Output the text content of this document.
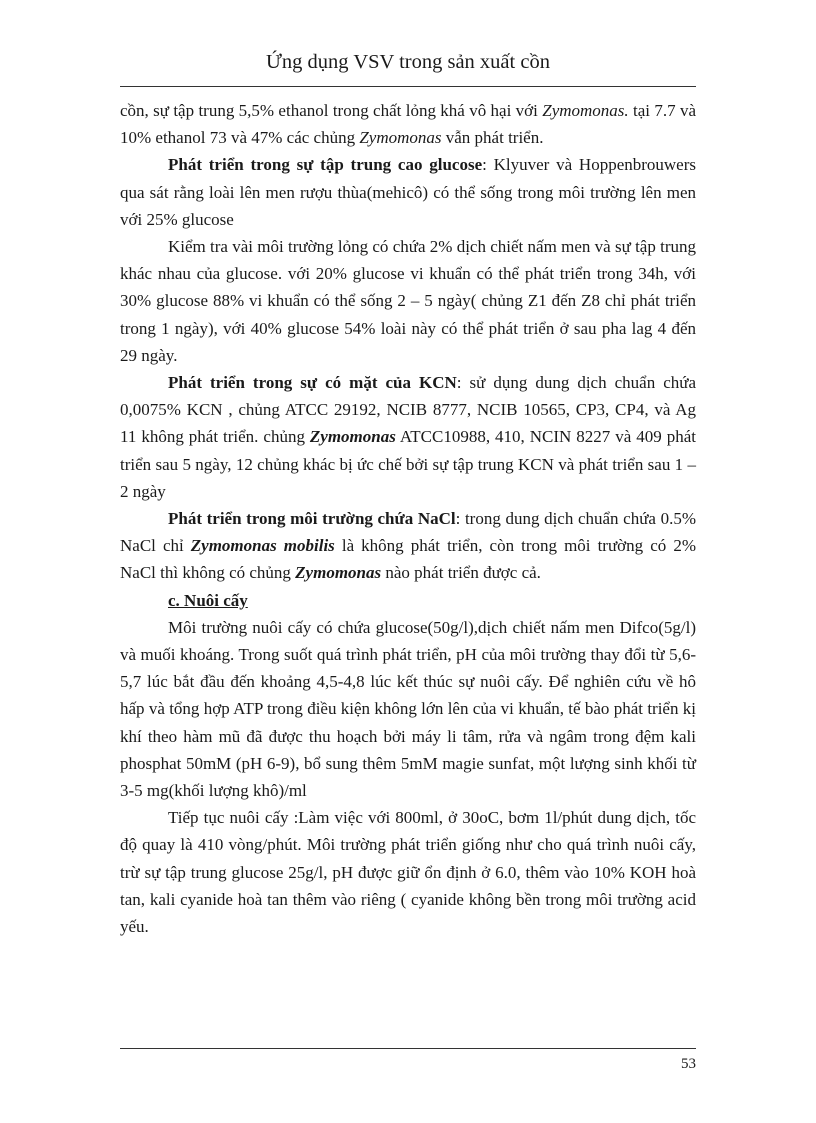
Ứng dụng VSV trong sản xuất cồn

cồn, sự tập trung 5,5% ethanol trong chất lỏng khá vô hại với Zymomonas. tại 7.7 và 10% ethanol 73 và 47% các chủng Zymomonas vẫn phát triển.

Phát triển trong sự tập trung cao glucose: Klyuver và Hoppenbrouwers qua sát rằng loài lên men rượu thùa(mehicô) có thể sống trong môi trường lên men với 25% glucose

Kiểm tra vài môi trường lỏng có chứa 2% dịch chiết nấm men và sự tập trung khác nhau của glucose. với 20% glucose vi khuẩn có thể phát triển trong 34h, với 30% glucose 88% vi khuẩn có thể sống 2 – 5 ngày( chủng Z1 đến Z8 chỉ phát triển trong 1 ngày), với 40% glucose 54% loài này có thể phát triển ở sau pha lag 4 đến 29 ngày.

Phát triển trong sự có mặt của KCN: sử dụng dung dịch chuẩn chứa 0,0075% KCN , chủng ATCC 29192, NCIB 8777, NCIB 10565, CP3, CP4, và Ag 11 không phát triển. chủng Zymomonas ATCC10988, 410, NCIN 8227 và 409 phát triển sau 5 ngày, 12 chủng khác bị ức chế bởi sự tập trung KCN và phát triển sau 1 – 2 ngày

Phát triển trong môi trường chứa NaCl: trong dung dịch chuẩn chứa 0.5% NaCl chỉ Zymomonas mobilis là không phát triển, còn trong môi trường có 2% NaCl thì không có chủng Zymomonas nào phát triển được cả.

c. Nuôi cấy

Môi trường nuôi cấy có chứa glucose(50g/l),dịch chiết nấm men Difco(5g/l) và muối khoáng. Trong suốt quá trình phát triển, pH của môi trường thay đổi từ 5,6-5,7 lúc bắt đầu đến khoảng 4,5-4,8 lúc kết thúc sự nuôi cấy. Để nghiên cứu về hô hấp và tổng hợp ATP trong điều kiện không lớn lên của vi khuẩn, tế bào phát triển kị khí theo hàm mũ đã được thu hoạch bởi máy li tâm, rửa và ngâm trong đệm kali phosphat 50mM (pH 6-9), bổ sung thêm 5mM magie sunfat, một lượng sinh khối từ 3-5 mg(khối lượng khô)/ml

Tiếp tục nuôi cấy :Làm việc với 800ml, ở 30oC, bơm 1l/phút dung dịch, tốc độ quay là 410 vòng/phút. Môi trường phát triển giống như cho quá trình nuôi cấy, trừ sự tập trung glucose 25g/l, pH được giữ ổn định ở 6.0, thêm vào 10% KOH hoà tan, kali cyanide hoà tan thêm vào riêng ( cyanide không bền trong môi trường acid yếu.

53
